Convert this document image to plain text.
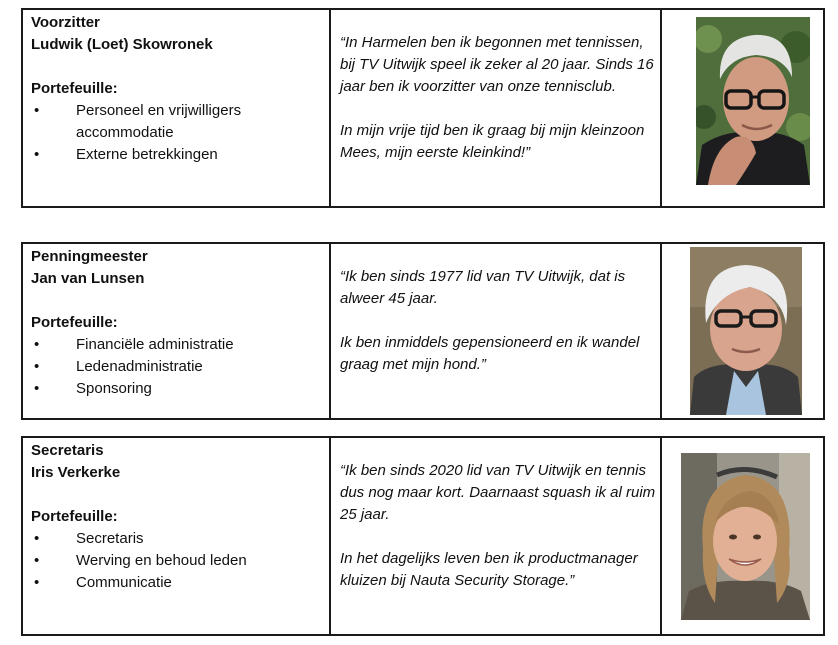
Voorzitter

Ludwik (Loet) Skowronek

Portefeuille:

• Personeel en vrijwilligers accommodatie
• Externe betrekkingen

“In Harmelen ben ik begonnen met tennissen, bij TV Uitwijk speel ik zeker al 20 jaar. Sinds 16 jaar ben ik voorzitter van onze tennisclub.

In mijn vrije tijd ben ik graag bij mijn kleinzoon Mees, mijn eerste kleinkind!”

Penningmeester

Jan van Lunsen

Portefeuille:

• Financiële administratie
• Ledenadministratie
• Sponsoring

“Ik ben sinds 1977 lid van TV Uitwijk, dat is alweer 45 jaar.

Ik ben inmiddels gepensioneerd en ik wandel graag met mijn hond.”

Secretaris

Iris Verkerke

Portefeuille:

• Secretaris
• Werving en behoud leden
• Communicatie

“Ik ben sinds 2020 lid van TV Uitwijk en tennis dus nog maar kort. Daarnaast squash ik al ruim 25 jaar.

In het dagelijks leven ben ik productmanager kluizen bij Nauta Security Storage.”
